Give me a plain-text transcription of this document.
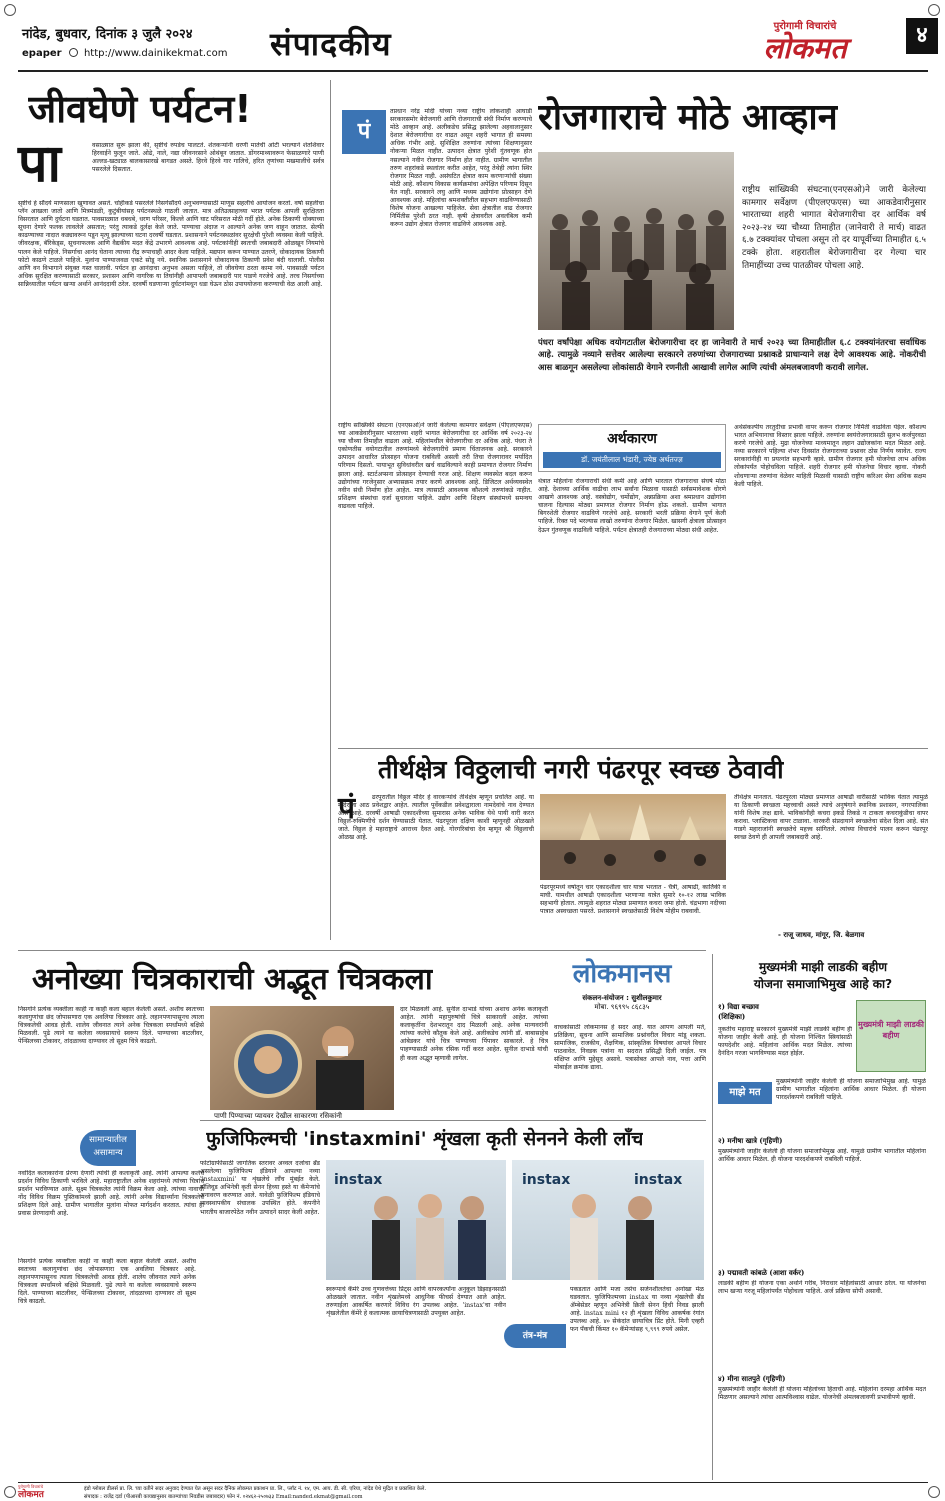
नांदेड, बुधवार, दिनांक ३ जुलै २०२४
epaper http://www.dainikekmat.com संपादकीय	पुरोगामी विचारांचे
लोकमत	४
जीवघेणे पर्यटन!
पा	वसाळ्यात सुरू झाला की, सृष्टीचे रुपडेच पालटते. शेतकऱ्यांनी धरणी मातेची ओटी भरल्याने शेतशिवार हिरवाईने फुलून जाते. ओढे, नाले, नद्या जीवनरसाने ओथंबून जातात. डोंगरमाथ्यावरून फेसाळणारे पाणी अल्लड-खट्याळ बालकासारखे बागडत असते. हिरवे हिरवे गार गालिचे, हरित तृणांच्या मखमालीचे सर्वत्र पसरलेले दिसतात.
सृष्टीचे हे सौंदर्य माणसाला खुणावत असते. चोहीकडे पसरलेले निसर्गसौंदर्य अनुभवण्यासाठी माणूस सहलीचे आयोजन करतो. वर्षा सहलीचा प्लॅन आखला जातो आणि मित्रमंडळी, कुटुंबीयांसह पर्यटनस्थळे गाठली जातात. मात्र अतिउत्साहाच्या भरात पर्यटक आपली सुरक्षितता विसरतात आणि दुर्घटना घडतात. पावसाळ्यात धबधबे, धरण परिसर, किल्ले आणि घाट परिसरात मोठी गर्दी होते. अनेक ठिकाणी धोक्याच्या सूचना देणारे फलक लावलेले असतात; परंतु त्याकडे दुर्लक्ष केले जाते. पाण्याचा अंदाज न आल्याने अनेक जण वाहून जातात. सेल्फी काढण्याच्या नादात कड्यावरून पडून मृत्यू झाल्याच्या घटना दरवर्षी घडतात. प्रशासनाने पर्यटनस्थळांवर सुरक्षेची पुरेशी व्यवस्था केली पाहिजे. जीवरक्षक, बॅरिकेड्स, सूचनाफलक आणि वैद्यकीय मदत केंद्रे उभारणे आवश्यक आहे. पर्यटकांनीही स्वतःची जबाबदारी ओळखून नियमांचे पालन केले पाहिजे. निसर्गाचा आनंद घेताना त्याच्या रौद्र रूपाचाही आदर केला पाहिजे. मद्यपान करून पाण्यात उतरणे, धोकादायक ठिकाणी फोटो काढणे टाळले पाहिजे. मुलांना पाण्याजवळ एकटे सोडू नये. स्थानिक प्रशासनाने धोकादायक ठिकाणी प्रवेश बंदी घालावी. पोलीस आणि वन विभागाने संयुक्त गस्त घालावी. पर्यटन हा आनंदाचा अनुभव असला पाहिजे, तो जीवघेणा ठरता कामा नये. पावसाळी पर्यटन अधिक सुरक्षित करण्यासाठी सरकार, प्रशासन आणि नागरिक या तिघांनीही आपापली जबाबदारी पार पाडणे गरजेचे आहे. तरच निसर्गाच्या सान्निध्यातील पर्यटन खऱ्या अर्थाने आनंददायी ठरेल. दरवर्षी घडणाऱ्या दुर्घटनांमधून धडा घेऊन ठोस उपाययोजना करण्याची वेळ आली आहे.
पं
तप्रधान नरेंद्र मोदी यांच्या नव्या राष्ट्रीय लोकशाही आघाडी सरकारसमोर बेरोजगारी आणि रोजगाराची संधी निर्माण करण्याचे मोठे आव्हान आहे. अलीकडेच प्रसिद्ध झालेल्या अहवालानुसार देशात बेरोजगारीचा दर वाढत असून शहरी भागात ही समस्या अधिक गंभीर आहे. सुशिक्षित तरुणांना त्यांच्या शिक्षणानुसार नोकऱ्या मिळत नाहीत. उत्पादन क्षेत्रात पुरेशी गुंतवणूक होत नसल्याने नवीन रोजगार निर्माण होत नाहीत. ग्रामीण भागातील तरुण शहरांकडे स्थलांतर करीत आहेत, परंतु तेथेही त्यांना स्थिर रोजगार मिळत नाही. असंघटित क्षेत्रात काम करणाऱ्यांची संख्या मोठी आहे. कौशल्य विकास कार्यक्रमांचा अपेक्षित परिणाम दिसून येत नाही. सरकारने लघु आणि मध्यम उद्योगांना प्रोत्साहन देणे आवश्यक आहे. महिलांचा श्रमशक्तीतील सहभाग वाढविण्यासाठी विशेष योजना आखल्या पाहिजेत. सेवा क्षेत्रातील वाढ रोजगार निर्मितीस पुरेशी ठरत नाही. कृषी क्षेत्रावरील अवलंबित्व कमी करून उद्योग क्षेत्रात रोजगार वाढविणे आवश्यक आहे.
रोजगाराचे मोठे आव्हान
राष्ट्रीय सांख्यिकी संघटना(एनएसओ)ने जारी केलेल्या कामगार सर्वेक्षण (पीएलएफएस) च्या आकडेवारीनुसार भारताच्या शहरी भागात बेरोजगारीचा दर आर्थिक वर्ष २०२३-२४ च्या चौथ्या तिमाहीत (जानेवारी ते मार्च) वाढत ६.७ टक्क्यांवर पोचला असून तो दर यापूर्वीच्या तिमाहीत ६.५ टक्के होता. शहरातील बेरोजगारीचा दर गेल्या चार तिमाहींच्या उच्च पातळीवर पोचला आहे.
पंधरा वर्षांपेक्षा अधिक वयोगटातील बेरोजगारीचा दर हा जानेवारी ते मार्च २०२३ च्या तिमाहीतील ६.८ टक्क्यांनंतरचा सर्वाधिक आहे. त्यामुळे नव्याने सत्तेवर आलेल्या सरकारने तरुणांच्या रोजगाराच्या प्रश्नाकडे प्राधान्याने लक्ष देणे आवश्यक आहे. नोकरीची आस बाळगून असलेल्या लोकांसाठी वेगाने रणनीती आखावी लागेल आणि त्यांची अंमलबजावणी करावी लागेल.
राष्ट्रीय सांख्यिकी संघटना (एनएसओ)ने जारी केलेल्या कामगार सर्वेक्षण (पीएलएफएस) च्या आकडेवारीनुसार भारताच्या शहरी भागात बेरोजगारीचा दर आर्थिक वर्ष २०२३-२४ च्या चौथ्या तिमाहीत वाढला आहे. महिलांमधील बेरोजगारीचा दर अधिक आहे. पंधरा ते एकोणतीस वयोगटातील तरुणांमध्ये बेरोजगारीचे प्रमाण चिंताजनक आहे. सरकारने उत्पादन आधारित प्रोत्साहन योजना राबविली असली तरी तिचा रोजगारावर मर्यादित परिणाम दिसतो. पायाभूत सुविधांवरील खर्च वाढविल्याने काही प्रमाणात रोजगार निर्माण झाला आहे. स्टार्टअप्सना प्रोत्साहन देण्याची गरज आहे. शिक्षण व्यवस्थेत बदल करून उद्योगांच्या गरजेनुसार अभ्यासक्रम तयार करणे आवश्यक आहे. डिजिटल अर्थव्यवस्थेत नवीन संधी निर्माण होत आहेत. मात्र त्यासाठी आवश्यक कौशल्ये तरुणांकडे नाहीत. प्रशिक्षण संस्थांचा दर्जा सुधारला पाहिजे. उद्योग आणि शिक्षण संस्थांमध्ये समन्वय वाढवला पाहिजे.
अर्थकारण
डॉ. जयंतीलाल भंडारी, ज्येष्ठ अर्थतज्ज्ञ
थेत्रात महिलांना रोजगाराची संधी कमी आहे आणि भारतात रोजगाराचा संघर्ष मोठा आहे. देशाच्या आर्थिक वाढीचा लाभ सर्वांना मिळावा यासाठी सर्वसमावेशक धोरणे आखणे आवश्यक आहे. वस्त्रोद्योग, चर्मोद्योग, अन्नप्रक्रिया अशा श्रमप्रधान उद्योगांना चालना दिल्यास मोठ्या प्रमाणात रोजगार निर्माण होऊ शकतो. ग्रामीण भागात बिगरशेती रोजगार वाढविणे गरजेचे आहे. सरकारी भरती प्रक्रिया वेगाने पूर्ण केली पाहिजे. रिक्त पदे भरल्यास लाखो तरुणांना रोजगार मिळेल. खासगी क्षेत्राला प्रोत्साहन देऊन गुंतवणूक वाढविली पाहिजे. पर्यटन क्षेत्रातही रोजगाराच्या मोठ्या संधी आहेत.
अर्थसंकल्पीय तरतुदीचा प्रभावी वापर करून रोजगार निर्मिती वाढविता येईल. कौशल्य भारत अभियानाचा विस्तार झाला पाहिजे. तरुणांना स्वयंरोजगारासाठी सुलभ कर्जपुरवठा करणे गरजेचे आहे. मुद्रा योजनेच्या माध्यमातून लहान उद्योजकांना मदत मिळत आहे. नव्या सरकारने पहिल्या शंभर दिवसांत रोजगाराच्या प्रश्नावर ठोस निर्णय घ्यावेत. राज्य सरकारांनीही या प्रयत्नांत सहभागी व्हावे. ग्रामीण रोजगार हमी योजनेचा लाभ अधिक लोकांपर्यंत पोहोचविला पाहिजे. शहरी रोजगार हमी योजनेचा विचार व्हावा. नोकरी शोधणाऱ्या तरुणांना वेळेवर माहिती मिळावी यासाठी राष्ट्रीय करिअर सेवा अधिक सक्षम केली पाहिजे.
तीर्थक्षेत्र विठ्ठलाची नगरी पंढरपूर स्वच्छ ठेवावी
पं	ढरपूरातील विठ्ठल मंदिर हे वारकऱ्यांचे तीर्थक्षेत्र म्हणून प्रचलित आहे. या मंदिराला आठ प्रवेशद्वार आहेत. त्यातील पूर्वेकडील प्रवेशद्वाराला नामदेवांचे नाव देण्यात आले आहे. दरवर्षी आषाढी एकादशीच्या सुमारास अनेक भाविक येथे पायी वारी करत विठ्ठल-रुक्मिणीचे दर्शन घेण्यासाठी येतात. पंढरपूरला दक्षिण काशी म्हणूनही ओळखले जाते. विठ्ठल हे महाराष्ट्राचे आराध्य दैवत आहे. गोरगरिबांचा देव म्हणून श्री विठ्ठलाची ओळख आहे.
पंढरपूरमध्ये वर्षातून चार एकादशीला चार यात्रा भरतात - चैत्री, आषाढी, कार्तिकी व माघी. यामधील आषाढी एकादशीला भरणाऱ्या यात्रेत सुमारे १०-१२ लाख भाविक सहभागी होतात. त्यामुळे शहरात मोठ्या प्रमाणात कचरा जमा होतो. चंद्रभागा नदीच्या पात्रात अस्वच्छता पसरते. प्रशासनाने स्वच्छतेसाठी विशेष मोहीम राबवावी.
तीर्थक्षेत्र मानतात. पंढरपूरला मोठ्या प्रमाणात आषाढी वारीसाठी भाविक येतात त्यामुळे या ठिकाणी स्वच्छता महत्त्वाची असते त्याचे अनुषंगाने स्थानिक प्रशासन, नगरपालिका यांनी विशेष लक्ष द्यावे. भाविकांनीही कचरा इकडे तिकडे न टाकता कचराकुंडीचा वापर करावा. प्लास्टिकचा वापर टाळावा. वारकरी संप्रदायाने स्वच्छतेचा संदेश दिला आहे. संत गाडगे महाराजांनी स्वच्छतेचे महत्त्व सांगितले. त्यांच्या विचारांचे पालन करून पंढरपूर स्वच्छ ठेवणे ही आपली जबाबदारी आहे.
- राजू जाधव, मांगूर, जि. बेळगाव
अनोख्या चित्रकाराची अद्भूत चित्रकला
निसर्गाने प्रत्येक व्यक्तीला काही ना काही कला बहाल केलेली असते. अशीच स्वतःच्या कलागुणांचा छंद जोपासणारा एक अवलिया चित्रकार आहे. लहानपणापासूनच त्याला चित्रकलेची आवड होती. शालेय जीवनात त्याने अनेक चित्रकला स्पर्धांमध्ये बक्षिसे मिळवली. पुढे त्याने या कलेला व्यवसायाचे स्वरूप दिले. पाण्याच्या बाटलीवर, पेन्सिलच्या टोकावर, तांदळाच्या दाण्यावर तो सूक्ष्म चित्रे काढतो.
पाणी पिण्याच्या प्यायवर देखील साकारणा रसिकांनी
सामान्यातील असामान्य
नवोदित कलाकारांना प्रेरणा देणारी त्यांची ही कलाकृती आहे. त्यांनी आपल्या कलेचे प्रदर्शन विविध ठिकाणी भरविले आहे. महाराष्ट्रातील अनेक शहरांमध्ये त्यांच्या चित्रांचे प्रदर्शन भरविण्यात आले. सूक्ष्म चित्रकलेत त्यांनी विक्रम केला आहे. त्यांच्या नावाची नोंद विविध विक्रम पुस्तिकांमध्ये झाली आहे. त्यांनी अनेक विद्यार्थ्यांना चित्रकलेचे प्रशिक्षण दिले आहे. ग्रामीण भागातील मुलांना मोफत मार्गदर्शन करतात. त्यांचा हा प्रवास प्रेरणादायी आहे.
दार मिळवली आहे. सुनील दाभाडे यांच्या अशाच अनेक कलाकृती आहेत. त्यांनी महापुरुषांची चित्रे साकारली आहेत. त्यांच्या कलाकृतींना देशभरातून दाद मिळाली आहे. अनेक मान्यवरांनी त्यांच्या कलेचे कौतुक केले आहे. अलीकडेच त्यांनी डॉ. बाबासाहेब आंबेडकर यांचे चित्र पाण्याच्या पिंपावर साकारले. हे चित्र पाहण्यासाठी अनेक रसिक गर्दी करत आहेत. सुनील दाभाडे यांची ही कला अद्भूत म्हणावी लागेल.
लोकमानस
संकलन-संयोजन : सुशीलकुमार
मोबा. ९६९९५ ८६८३५
वाचकांसाठी लोकमानस हे सदर आहे. यात आपण आपली मते, प्रतिक्रिया, सूचना आणि सामाजिक प्रश्नांवरील विचार मांडू शकता. सामाजिक, राजकीय, शैक्षणिक, सांस्कृतिक विषयांवर आपले विचार पाठवावेत. निवडक पत्रांना या सदरात प्रसिद्धी दिली जाईल. पत्र संक्षिप्त आणि मुद्देसूद असावे. पत्रासोबत आपले नाव, पत्ता आणि मोबाईल क्रमांक द्यावा.
मुख्यमंत्री माझी लाडकी बहीण
योजना समाजाभिमुख आहे का?
१) विद्या बच्छाव (शिक्षिका)
मुख्यमंत्री माझी लाडकी बहीण
नुकतीच महाराष्ट्र सरकारने मुख्यमंत्री माझी लाडकी बहीण ही योजना जाहीर केली आहे. ही योजना निश्चित स्त्रियांसाठी फायदेशीर आहे. महिलांना आर्थिक मदत मिळेल. त्यांच्या दैनंदिन गरजा भागविण्यास मदत होईल.
माझे मत
मुख्यमंत्र्यांनी जाहीर केलेली ही योजना समाजाभिमुख आहे. यामुळे ग्रामीण भागातील महिलांना आर्थिक आधार मिळेल. ही योजना पारदर्शकपणे राबविली पाहिजे.
२) मनीषा खात्रे (गृहिणी)
मुख्यमंत्र्यांनी जाहीर केलेली ही योजना समाजाभिमुख आहे. यामुळे ग्रामीण भागातील महिलांना आर्थिक आधार मिळेल. ही योजना पारदर्शकपणे राबविली पाहिजे.
३) पद्मावती कांबळे (आशा वर्कर)
लाडकी बहीण ही योजना एका अर्थाने गरीब, निराधार महिलांसाठी आधार ठरेल. या योजनेचा लाभ खऱ्या गरजू महिलांपर्यंत पोहोचला पाहिजे. अर्ज प्रक्रिया सोपी असावी.
४) मीना सातपुते (गृहिणी)
मुख्यमंत्र्यांनी जाहीर केलेली ही योजना महिलांच्या हिताची आहे. महिलांना दरमहा आर्थिक मदत मिळणार असल्याने त्यांचा आत्मविश्वास वाढेल. योजनेची अंमलबजावणी प्रभावीपणे व्हावी.
फुजिफिल्मची 'instaxmini' शृंखला कृती सेननने केली लाँच
फोटोग्राफीसाठी जागतिक स्तरावर अव्वल दर्जाचा ब्रँड असलेल्या फुजिफिल्म इंडियाने आपल्या नव्या 'instaxmini' या शृंखलेचे लाँच मुंबईत केले. बॉलिवूड अभिनेत्री कृती सेनन हिच्या हस्ते या कॅमेऱ्यांचे अनावरण करण्यात आले. यावेळी फुजिफिल्म इंडियाचे व्यवस्थापकीय संचालक उपस्थित होते. कंपनीने भारतीय बाजारपेठेत नवीन उत्पादने सादर केली आहेत.
instax	instax	instax
स्वरूपाचे कॅमेरे उच्च गुणवत्तेच्या प्रिंट्स आणि वापरकर्त्यांना अनुकूल डिझाइनसाठी ओळखले जातात. नवीन शृंखलेमध्ये आधुनिक फीचर्स देण्यात आले आहेत. तरुणाईला आकर्षित करणारे विविध रंग उपलब्ध आहेत. 'instax'चा नवीन शृंखलेतील कॅमेरे हे कलात्मक छायाचित्रणासाठी उपयुक्त आहेत.
तंत्र-मंत्र
पकडतात आणि मजा तसेच सर्जनशीलतेचा अनोखा मेळ घडवतात. फुजिफिल्मच्या instax या नव्या शृंखलेची ब्रँड ॲम्बेसेडर म्हणून अभिनेत्री क्रिती सेनन हिची निवड झाली आहे. instax mini १२ ही शृंखला विविध आकर्षक रंगांत उपलब्ध आहे. ४० सेकंदांत छायाचित्र प्रिंट होते. मिनी एव्हरी फन पॅकची किंमत १० कॅमेऱ्यांसह ९,९९९ रुपये असेल.
निसर्गाने प्रत्येक व्यक्तीला काही ना काही कला बहाल केलेली असते. अशीच स्वतःच्या कलागुणांचा छंद जोपासणारा एक अवलिया चित्रकार आहे. लहानपणापासूनच त्याला चित्रकलेची आवड होती. शालेय जीवनात त्याने अनेक चित्रकला स्पर्धांमध्ये बक्षिसे मिळवली. पुढे त्याने या कलेला व्यवसायाचे स्वरूप दिले. पाण्याच्या बाटलीवर, पेन्सिलच्या टोकावर, तांदळाच्या दाण्यावर तो सूक्ष्म चित्रे काढतो.
पुरोगामी विचारांचे
लोकमत
इंडो ग्लोबल डीलर्स प्रा. लि. च्या वतीने सदर अनुवाद देण्यात येत असून सदर दैनिक लोकमत प्रकाशन प्रा. लि., प्लॉट नं. १४, एम. आय. डी. सी. एरिया, नांदेड येथे मुद्रित व प्रकाशित केले.
संपादक : राजेंद्र दर्डा (पीआरबी कायद्यानुसार बातम्यांच्या निवडीस जबाबदार) फोन नं. ०२४६२-२५०७३३ Email:nanded.ekmat@gmail.com
